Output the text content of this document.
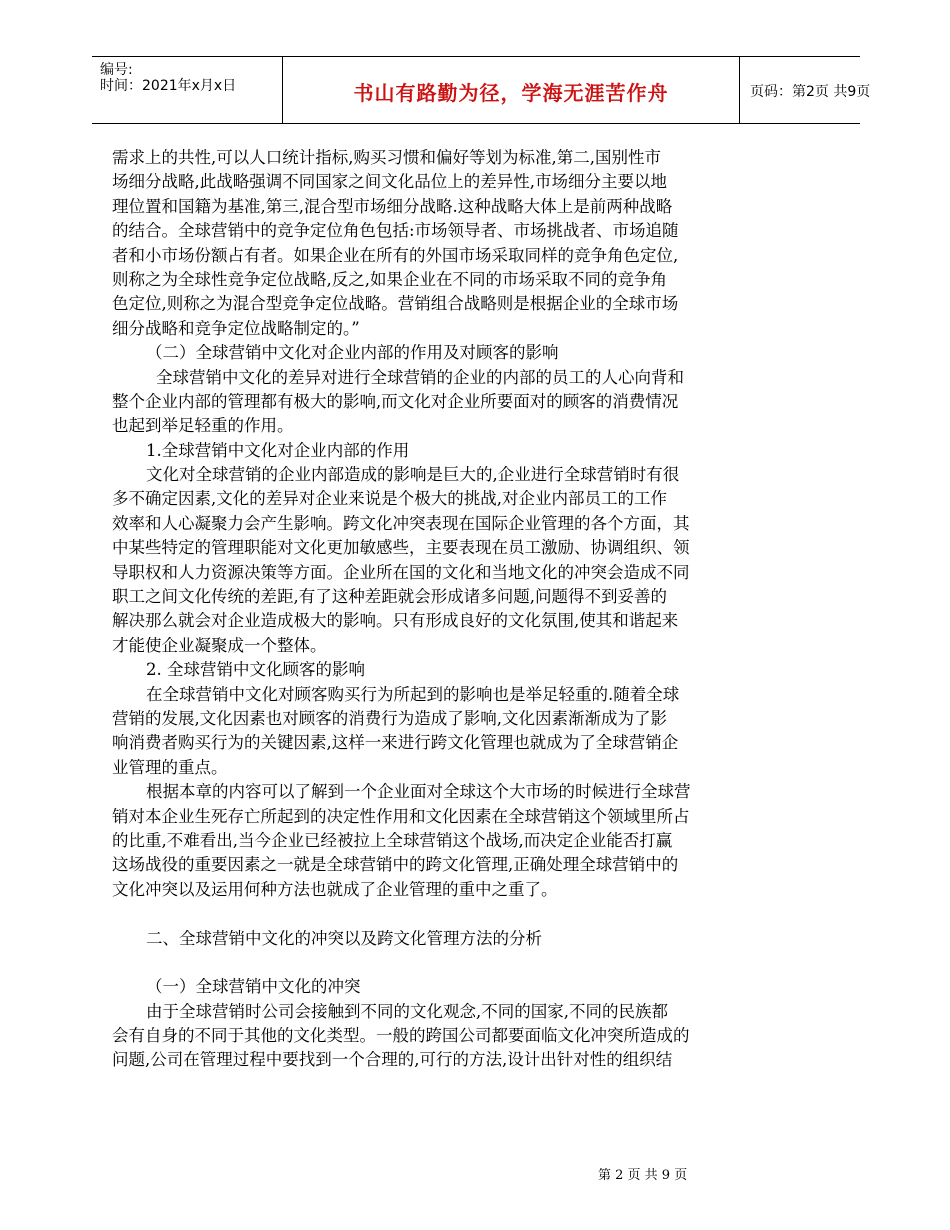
编号:
时间：2021年x月x日	书山有路勤为径，学海无涯苦作舟	页码：第2页 共9页
需求上的共性,可以人口统计指标,购买习惯和偏好等划为标准,第二,国别性市
场细分战略,此战略强调不同国家之间文化品位上的差异性,市场细分主要以地
理位置和国籍为基准,第三,混合型市场细分战略.这种战略大体上是前两种战略
的结合。全球营销中的竞争定位角色包括:市场领导者、市场挑战者、市场追随
者和小市场份额占有者。如果企业在所有的外国市场采取同样的竞争角色定位,
则称之为全球性竞争定位战略,反之,如果企业在不同的市场采取不同的竞争角
色定位,则称之为混合型竞争定位战略。营销组合战略则是根据企业的全球市场
细分战略和竞争定位战略制定的。”
（二）全球营销中文化对企业内部的作用及对顾客的影响
全球营销中文化的差异对进行全球营销的企业的内部的员工的人心向背和
整个企业内部的管理都有极大的影响,而文化对企业所要面对的顾客的消费情况
也起到举足轻重的作用。
1.全球营销中文化对企业内部的作用
文化对全球营销的企业内部造成的影响是巨大的,企业进行全球营销时有很
多不确定因素,文化的差异对企业来说是个极大的挑战,对企业内部员工的工作
效率和人心凝聚力会产生影响。跨文化冲突表现在国际企业管理的各个方面，其
中某些特定的管理职能对文化更加敏感些，主要表现在员工激励、协调组织、领
导职权和人力资源决策等方面。企业所在国的文化和当地文化的冲突会造成不同
职工之间文化传统的差距,有了这种差距就会形成诸多问题,问题得不到妥善的
解决那么就会对企业造成极大的影响。只有形成良好的文化氛围,使其和谐起来
才能使企业凝聚成一个整体。
2. 全球营销中文化顾客的影响
在全球营销中文化对顾客购买行为所起到的影响也是举足轻重的.随着全球
营销的发展,文化因素也对顾客的消费行为造成了影响,文化因素渐渐成为了影
响消费者购买行为的关键因素,这样一来进行跨文化管理也就成为了全球营销企
业管理的重点。
根据本章的内容可以了解到一个企业面对全球这个大市场的时候进行全球营
销对本企业生死存亡所起到的决定性作用和文化因素在全球营销这个领域里所占
的比重,不难看出,当今企业已经被拉上全球营销这个战场,而决定企业能否打赢
这场战役的重要因素之一就是全球营销中的跨文化管理,正确处理全球营销中的
文化冲突以及运用何种方法也就成了企业管理的重中之重了。
二、全球营销中文化的冲突以及跨文化管理方法的分析
（一）全球营销中文化的冲突
由于全球营销时公司会接触到不同的文化观念,不同的国家,不同的民族都
会有自身的不同于其他的文化类型。一般的跨国公司都要面临文化冲突所造成的
问题,公司在管理过程中要找到一个合理的,可行的方法,设计出针对性的组织结
第 2 页 共 9 页
